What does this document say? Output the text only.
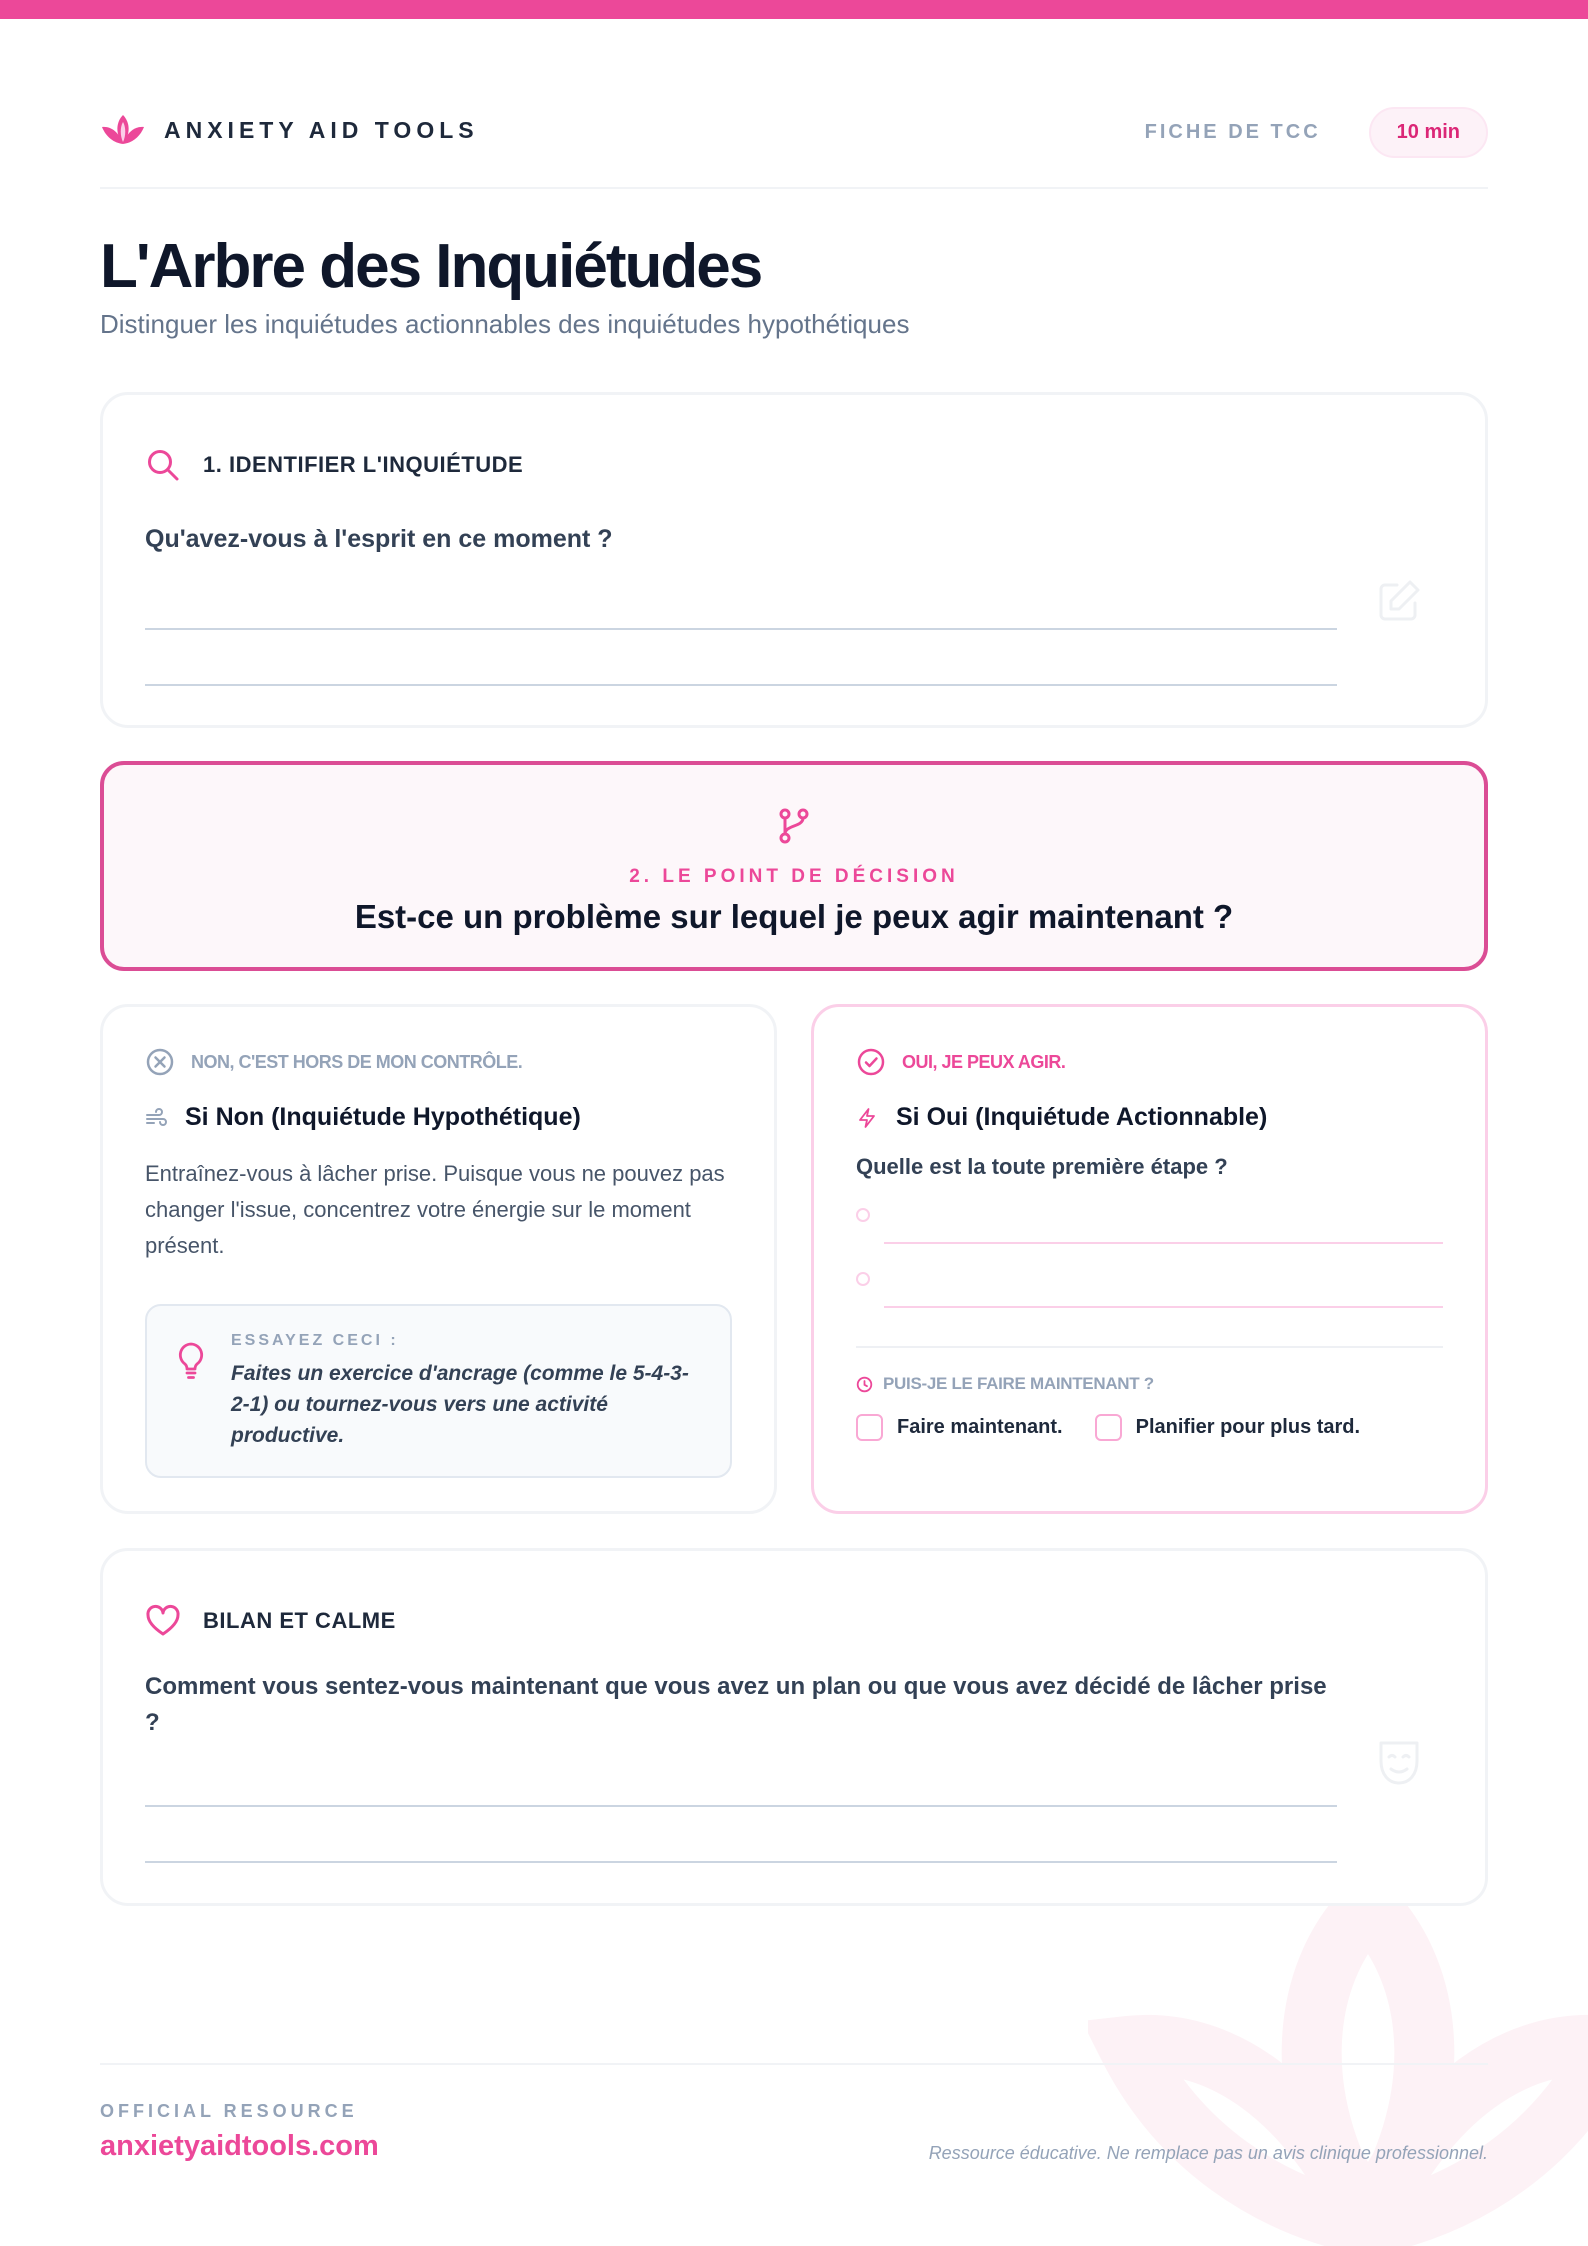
ANXIETY AID TOOLS	FICHE DE TCC	10 min
L'Arbre des Inquiétudes

Distinguer les inquiétudes actionnables des inquiétudes hypothétiques

1. IDENTIFIER L'INQUIÉTUDE
Qu'avez-vous à l'esprit en ce moment ?
2. LE POINT DE DÉCISION
Est-ce un problème sur lequel je peux agir maintenant ?
NON, C'EST HORS DE MON CONTRÔLE.
Si Non (Inquiétude Hypothétique)

Entraînez-vous à lâcher prise. Puisque vous ne pouvez pas changer l'issue, concentrez votre énergie sur le moment présent.

ESSAYEZ CECI :
Faites un exercice d'ancrage (comme le 5-4-3-2-1) ou tournez-vous vers une activité productive.
OUI, JE PEUX AGIR.
Si Oui (Inquiétude Actionnable)
Quelle est la toute première étape ?
PUIS-JE LE FAIRE MAINTENANT ?
Faire maintenant.	Planifier pour plus tard.
BILAN ET CALME
Comment vous sentez-vous maintenant que vous avez un plan ou que vous avez décidé de lâcher prise ?
OFFICIAL RESOURCE
anxietyaidtools.com	Ressource éducative. Ne remplace pas un avis clinique professionnel.
